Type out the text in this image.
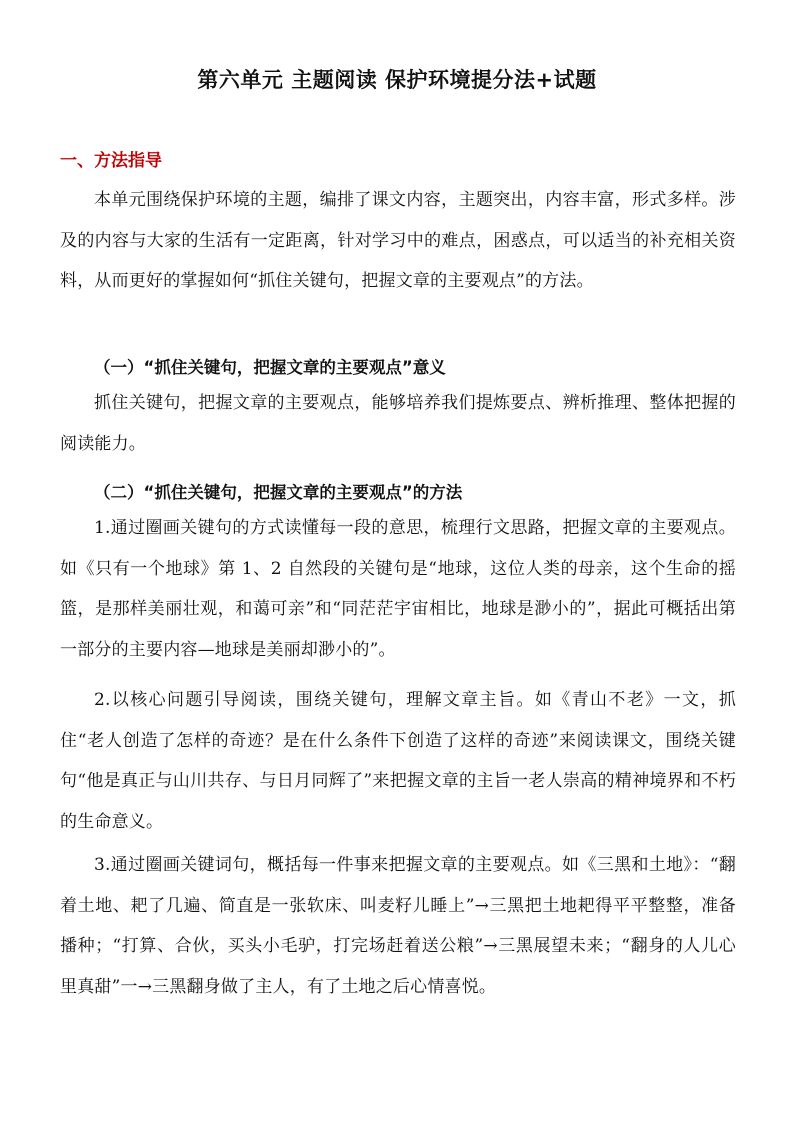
第六单元 主题阅读 保护环境提分法+试题
一、方法指导

本单元围绕保护环境的主题，编排了课文内容，主题突出，内容丰富，形式多样。涉及的内容与大家的生活有一定距离，针对学习中的难点，困惑点，可以适当的补充相关资料，从而更好的掌握如何“抓住关键句，把握文章的主要观点”的方法。

（一）“抓住关键句，把握文章的主要观点”意义

抓住关键句，把握文章的主要观点，能够培养我们提炼要点、辨析推理、整体把握的阅读能力。

（二）“抓住关键句，把握文章的主要观点”的方法

1.通过圈画关键句的方式读懂每一段的意思，梳理行文思路，把握文章的主要观点。如《只有一个地球》第 1、2 自然段的关键句是“地球，这位人类的母亲，这个生命的摇篮，是那样美丽壮观，和蔼可亲”和“同茫茫宇宙相比，地球是渺小的”，据此可概括出第一部分的主要内容—地球是美丽却渺小的”。

2.以核心问题引导阅读，围绕关键句，理解文章主旨。如《青山不老》一文，抓住“老人创造了怎样的奇迹？是在什么条件下创造了这样的奇迹”来阅读课文，围绕关键句“他是真正与山川共存、与日月同辉了”来把握文章的主旨一老人崇高的精神境界和不朽的生命意义。

3.通过圈画关键词句，概括每一件事来把握文章的主要观点。如《三黑和土地》：“翻着土地、耙了几遍、简直是一张软床、叫麦籽儿睡上”→三黑把土地耙得平平整整，准备播种；“打算、合伙，买头小毛驴，打完场赶着送公粮”→三黑展望未来；“翻身的人儿心里真甜”一→三黑翻身做了主人，有了土地之后心情喜悦。
